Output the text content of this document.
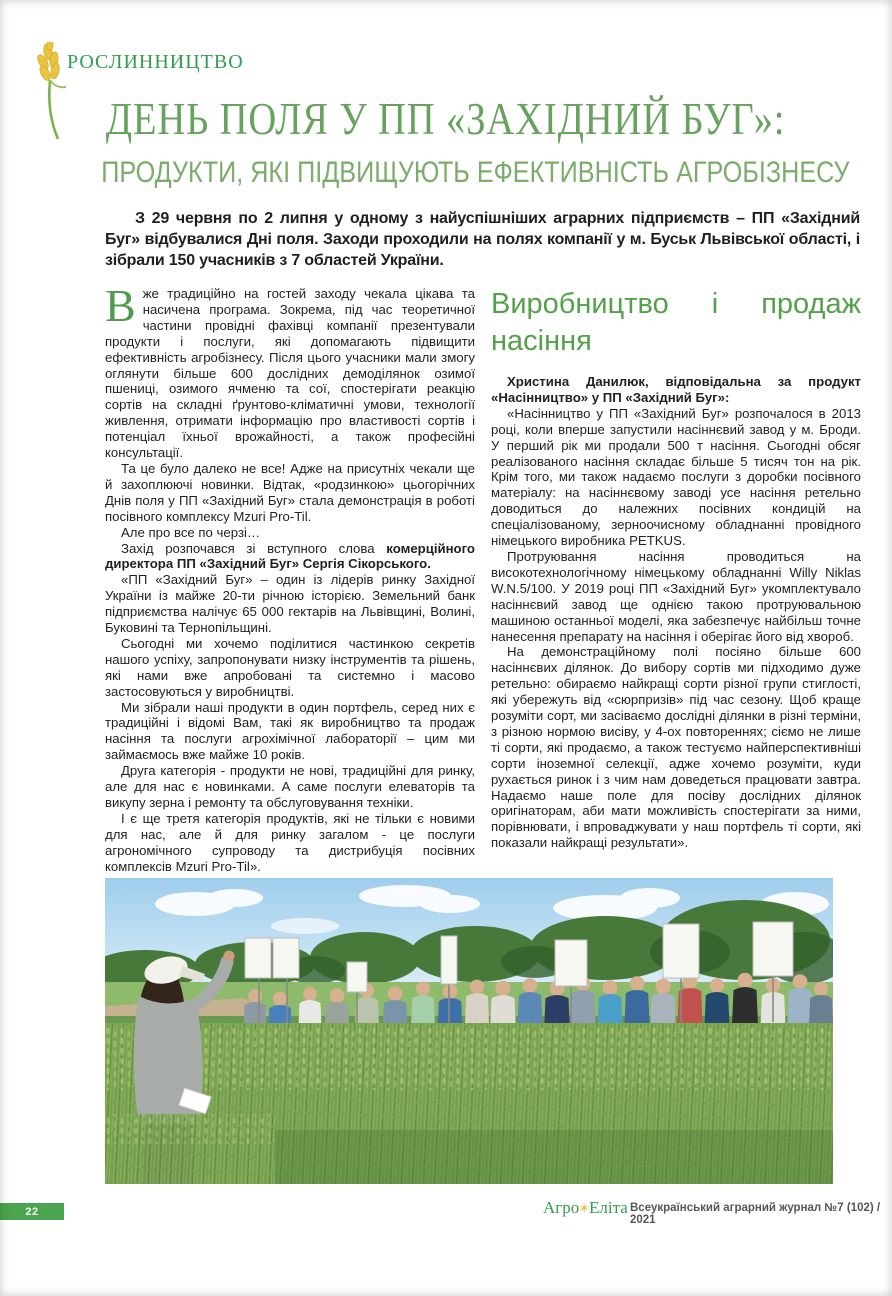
РОСЛИННИЦТВО
ДЕНЬ ПОЛЯ У ПП «ЗАХІДНИЙ БУГ»:
ПРОДУКТИ, ЯКІ ПІДВИЩУЮТЬ ЕФЕКТИВНІСТЬ АГРОБІЗНЕСУ
З 29 червня по 2 липня у одному з найуспішніших аграрних підприємств – ПП «Західний Буг» відбувалися Дні поля. Заходи проходили на полях компанії у м. Буськ Львівської області, і зібрали 150 учасників з 7 областей України.

Вже традиційно на гостей заходу чекала цікава та насичена програма. Зокрема, під час теоретичної частини провідні фахівці компанії презентували продукти і послуги, які допомагають підвищити ефективність агробізнесу. Після цього учасники мали змогу оглянути більше 600 дослідних демоділянок озимої пшениці, озимого ячменю та сої, спостерігати реакцію сортів на складні ґрунтово-кліматичні умови, технології живлення, отримати інформацію про властивості сортів і потенціал їхньої врожайності, а також професійні консультації.

Та це було далеко не все! Адже на присутніх чекали ще й захоплюючі новинки. Відтак, «родзинкою» цьогорічних Днів поля у ПП «Західний Буг» стала демонстрація в роботі посівного комплексу Mzuri Pro-Til.

Але про все по черзі…

Захід розпочався зі вступного слова комерційного директора ПП «Західний Буг» Сергія Сікорського.

«ПП «Західний Буг» – один із лідерів ринку Західної України із майже 20-ти річною історією. Земельний банк підприємства налічує 65 000 гектарів на Львівщині, Волині, Буковині та Тернопільщині.

Сьогодні ми хочемо поділитися частинкою секретів нашого успіху, запропонувати низку інструментів та рішень, які нами вже апробовані та системно і масово застосовуються у виробництві.

Ми зібрали наші продукти в один портфель, серед них є традиційні і відомі Вам, такі як виробництво та продаж насіння та послуги агрохімічної лабораторії – цим ми займаємось вже майже 10 років.

Друга категорія - продукти не нові, традиційні для ринку, але для нас є новинками. А саме послуги елеваторів та викупу зерна і ремонту та обслуговування техніки.

І є ще третя категорія продуктів, які не тільки є новими для нас, але й для ринку загалом - це послуги агрономічного супроводу та дистрибуція посівних комплексів Mzuri Pro-Til».

Виробництво і продаж насіння

Христина Данилюк, відповідальна за продукт «Насінництво» у ПП «Західний Буг»:

«Насінництво у ПП «Західний Буг» розпочалося в 2013 році, коли вперше запустили насіннєвий завод у м. Броди. У перший рік ми продали 500 т насіння. Сьогодні обсяг реалізованого насіння складає більше 5 тисяч тон на рік. Крім того, ми також надаємо послуги з доробки посівного матеріалу: на насіннєвому заводі усе насіння ретельно доводиться до належних посівних кондицій на спеціалізованому, зерноочисному обладнанні провідного німецького виробника PETKUS.

Протруювання насіння проводиться на високотехнологічному німецькому обладнанні Willy Niklas W.N.5/100. У 2019 році ПП «Західний Буг» укомплектувало насіннєвий завод ще однією такою протруювальною машиною останньої моделі, яка забезпечує найбільш точне нанесення препарату на насіння і оберігає його від хвороб.

На демонстраційному полі посіяно більше 600 насіннєвих ділянок. До вибору сортів ми підходимо дуже ретельно: обираємо найкращі сорти різної групи стиглості, які убережуть від «сюрпризів» під час сезону. Щоб краще розуміти сорт, ми засіваємо дослідні ділянки в різні терміни, з різною нормою висіву, у 4-ох повтореннях; сіємо не лише ті сорти, які продаємо, а також тестуємо найперспективніші сорти іноземної селекції, адже хочемо розуміти, куди рухається ринок і з чим нам доведеться працювати завтра. Надаємо наше поле для посіву дослідних ділянок оригінаторам, аби мати можливість спостерігати за ними, порівнювати, і впроваджувати у наш портфель ті сорти, які показали найкращі результати».

22	Агро✶Еліта Всеукраїнський аграрний журнал №7 (102) / 2021
